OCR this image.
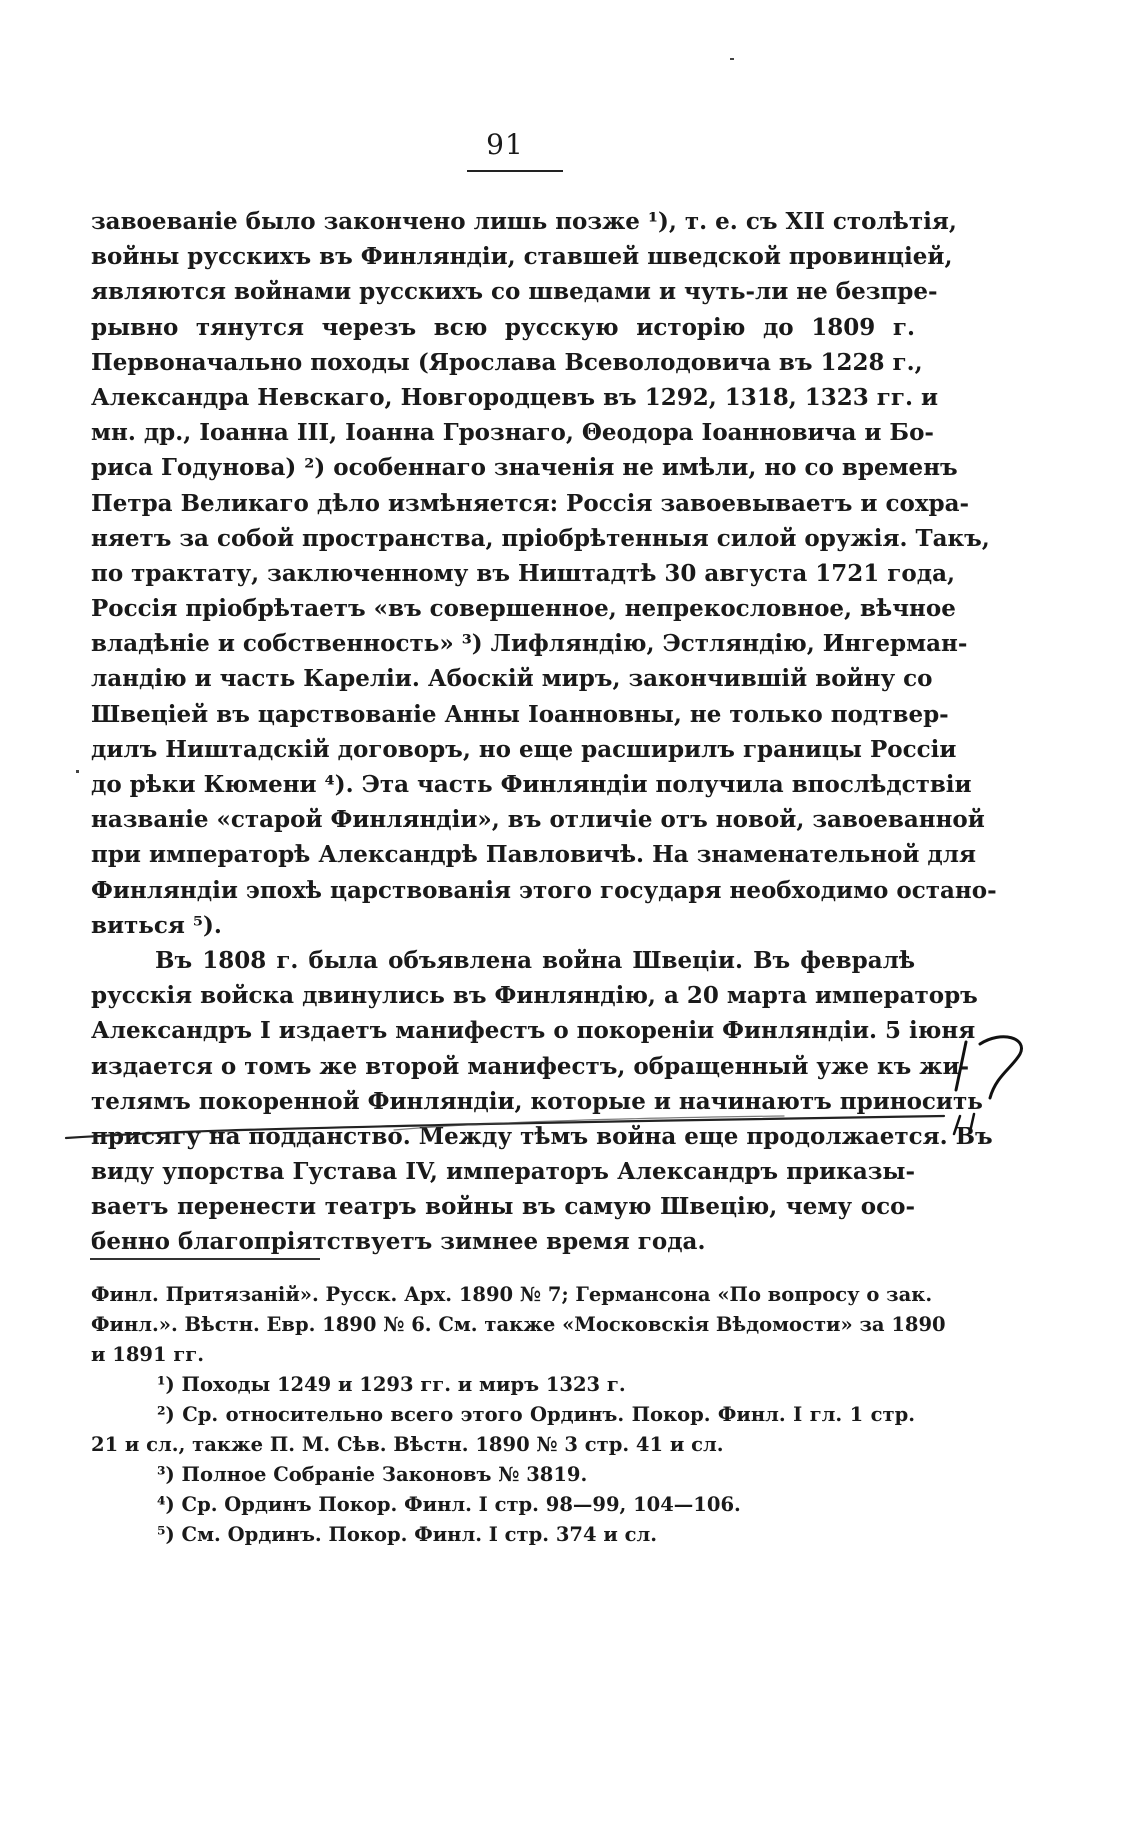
91
завоеванiе было закончено лишь позже ¹), т. е. съ XII столѣтiя,
войны русскихъ въ Финляндiи, ставшей шведской провинцiей,
являются войнами русскихъ со шведами и чуть-ли не безпре-
рывно тянутся черезъ всю русскую исторiю до 1809 г.
Первоначально походы (Ярослава Всеволодовича въ 1228 г.,
Александра Невскаго, Новгородцевъ въ 1292, 1318, 1323 гг. и
мн. др., Іоанна III, Іоанна Грознаго, Θеодора Іоанновича и Бо-
риса Годунова) ²) особеннаго значенiя не имѣли, но со временъ
Петра Великаго дѣло измѣняется: Россiя завоевываетъ и сохра-
няетъ за собой пространства, прiобрѣтенныя силой оружiя. Такъ,
по трактату, заключенному въ Ништадтѣ 30 августа 1721 года,
Россiя прiобрѣтаетъ «въ совершенное, непрекословное, вѣчное
владѣнiе и собственность» ³) Лифляндiю, Эстляндiю, Ингерман-
ландiю и часть Карелiи. Абоскiй миръ, закончившiй войну со
Швецiей въ царствованiе Анны Іоанновны, не только подтвер-
дилъ Ништадскiй договоръ, но еще расширилъ границы Россiи
до рѣки Кюмени ⁴). Эта часть Финляндiи получила впослѣдствiи
названiе «старой Финляндiи», въ отличiе отъ новой, завоеванной
при императорѣ Александрѣ Павловичѣ. На знаменательной для
Финляндiи эпохѣ царствованiя этого государя необходимо остано-
виться ⁵).
Въ 1808 г. была объявлена война Швецiи. Въ февралѣ
русскiя войска двинулись въ Финляндiю, а 20 марта императоръ
Александръ I издаетъ манифестъ о покоренiи Финляндiи. 5 iюня
издается о томъ же второй манифестъ, обращенный уже къ жи-
телямъ покоренной Финляндiи, которые и начинаютъ приносить
присягу на подданство. Между тѣмъ война еще продолжается. Въ
виду упорства Густава IV, императоръ Александръ приказы-
ваетъ перенести театръ войны въ самую Швецiю, чему осо-
бенно благопрiятствуетъ зимнее время года.
Финл. Притязанiй». Русск. Арх. 1890 № 7; Германсона «По вопросу о зак.
Финл.». Вѣстн. Евр. 1890 № 6. См. также «Московскiя Вѣдомости» за 1890
и 1891 гг.
¹) Походы 1249 и 1293 гг. и миръ 1323 г.
²) Ср. относительно всего этого Ординъ. Покор. Финл. I гл. 1 стр.
21 и сл., также П. М. Сѣв. Вѣстн. 1890 № 3 стр. 41 и сл.
³) Полное Собранiе Законовъ № 3819.
⁴) Ср. Ординъ Покор. Финл. I стр. 98—99, 104—106.
⁵) См. Ординъ. Покор. Финл. I стр. 374 и сл.
